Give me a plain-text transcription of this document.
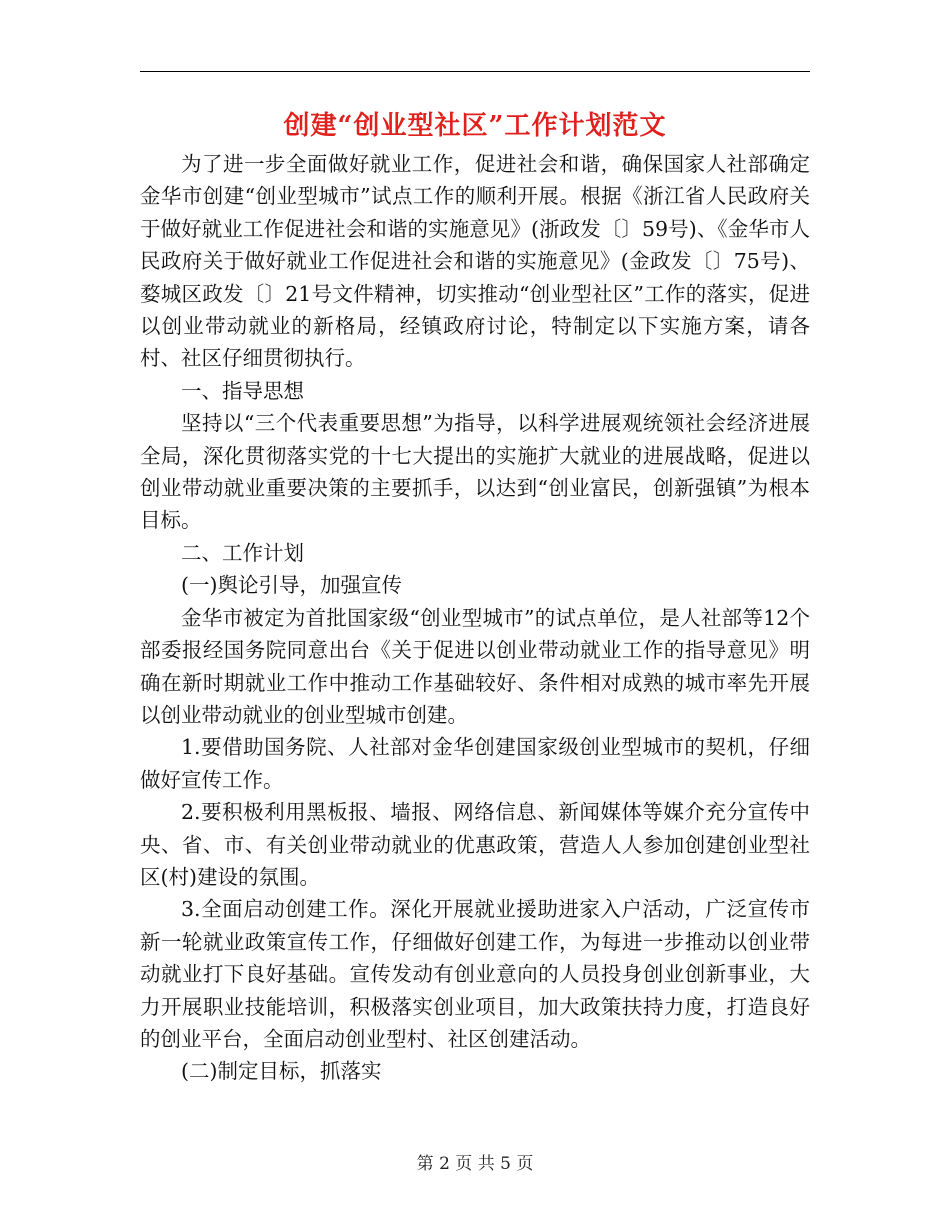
创建“创业型社区”工作计划范文

为了进一步全面做好就业工作，促进社会和谐，确保国家人社部确定金华市创建“创业型城市”试点工作的顺利开展。根据《浙江省人民政府关于做好就业工作促进社会和谐的实施意见》(浙政发〔〕59号)、《金华市人民政府关于做好就业工作促进社会和谐的实施意见》(金政发〔〕75号)、婺城区政发〔〕21号文件精神，切实推动“创业型社区”工作的落实，促进以创业带动就业的新格局，经镇政府讨论，特制定以下实施方案，请各村、社区仔细贯彻执行。

一、指导思想

坚持以“三个代表重要思想”为指导，以科学进展观统领社会经济进展全局，深化贯彻落实党的十七大提出的实施扩大就业的进展战略，促进以创业带动就业重要决策的主要抓手，以达到“创业富民，创新强镇”为根本目标。

二、工作计划

(一)舆论引导，加强宣传

金华市被定为首批国家级“创业型城市”的试点单位，是人社部等12个部委报经国务院同意出台《关于促进以创业带动就业工作的指导意见》明确在新时期就业工作中推动工作基础较好、条件相对成熟的城市率先开展以创业带动就业的创业型城市创建。

1.要借助国务院、人社部对金华创建国家级创业型城市的契机，仔细做好宣传工作。

2.要积极利用黑板报、墙报、网络信息、新闻媒体等媒介充分宣传中央、省、市、有关创业带动就业的优惠政策，营造人人参加创建创业型社区(村)建设的氛围。

3.全面启动创建工作。深化开展就业援助进家入户活动，广泛宣传市新一轮就业政策宣传工作，仔细做好创建工作，为每进一步推动以创业带动就业打下良好基础。宣传发动有创业意向的人员投身创业创新事业，大力开展职业技能培训，积极落实创业项目，加大政策扶持力度，打造良好的创业平台，全面启动创业型村、社区创建活动。

(二)制定目标，抓落实

第 2 页 共 5 页
